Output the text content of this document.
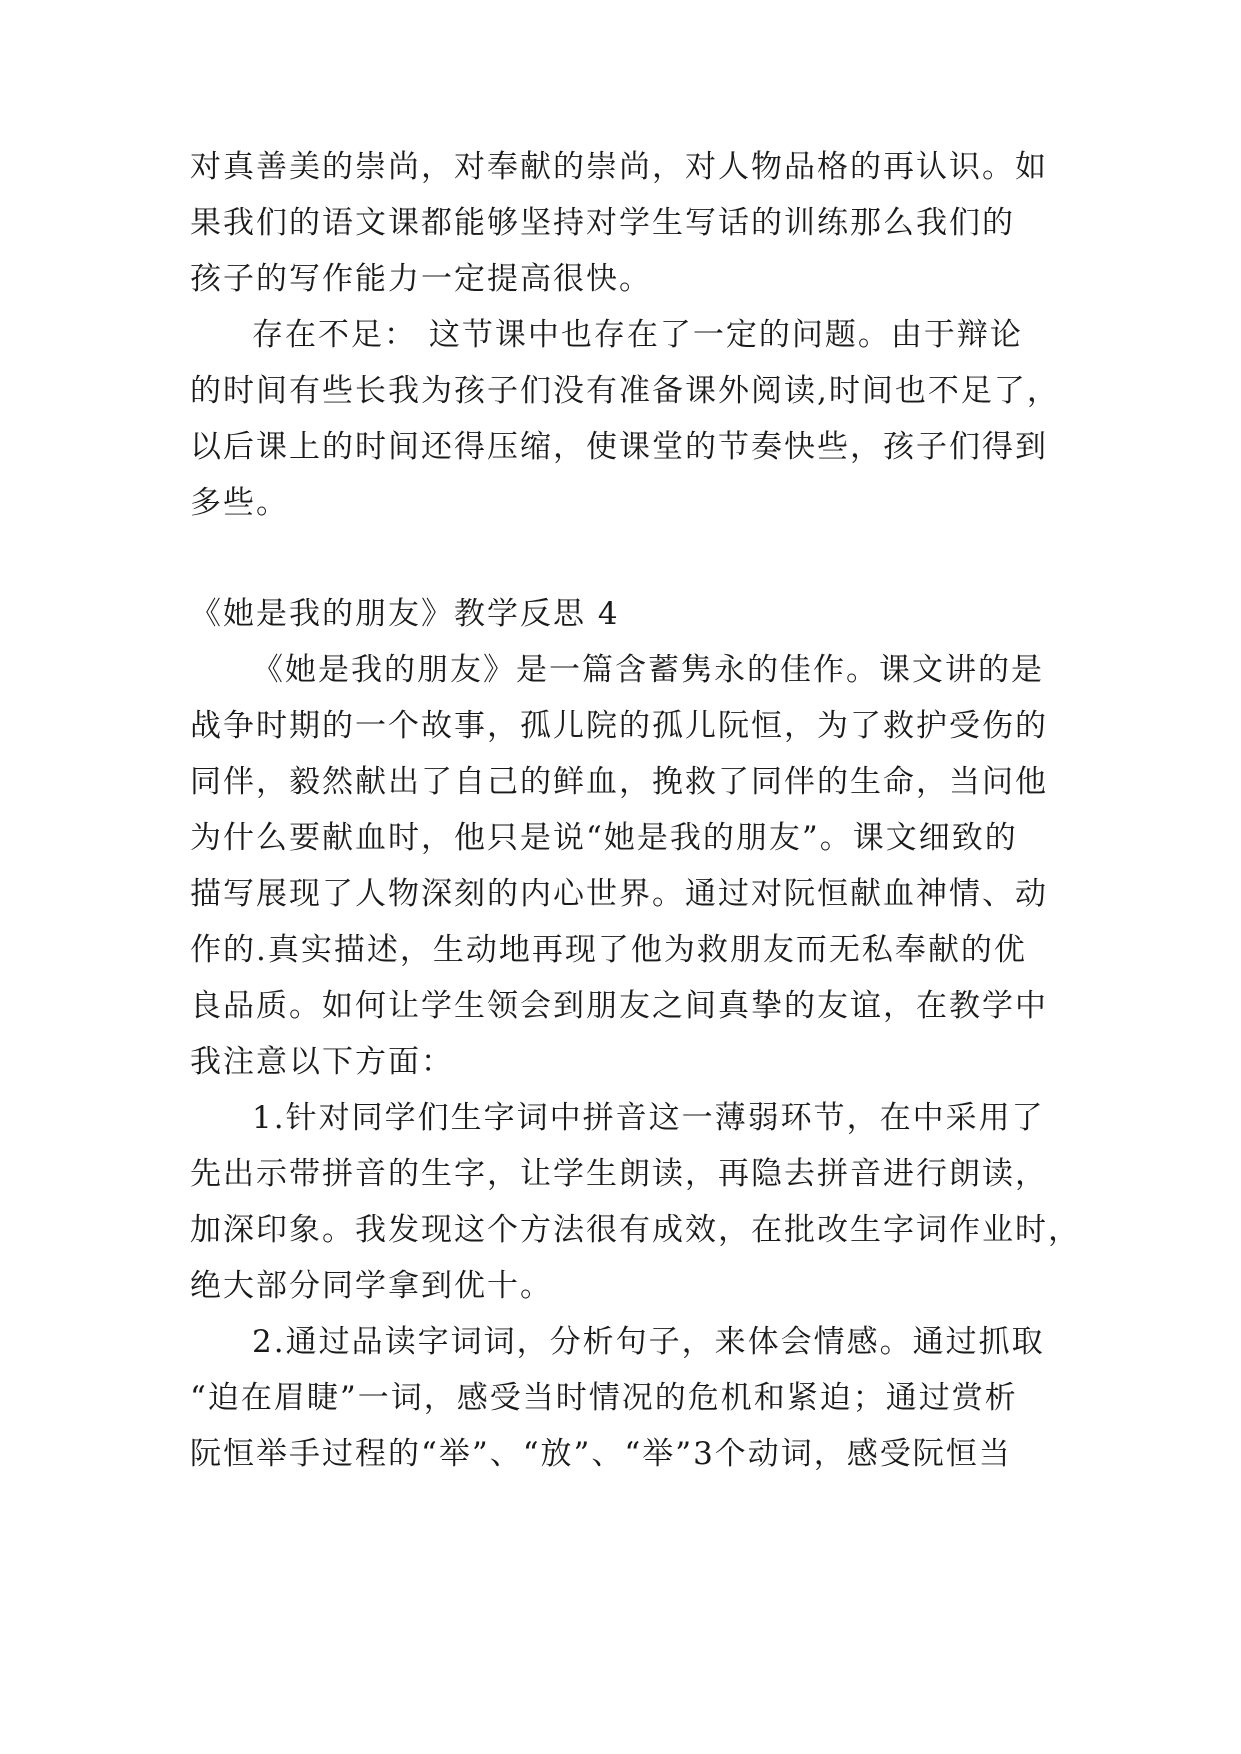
对真善美的崇尚，对奉献的崇尚，对人物品格的再认识。如
果我们的语文课都能够坚持对学生写话的训练那么我们的
孩子的写作能力一定提高很快。
存在不足： 这节课中也存在了一定的问题。由于辩论
的时间有些长我为孩子们没有准备课外阅读,时间也不足了，
以后课上的时间还得压缩，使课堂的节奏快些，孩子们得到
多些。
《她是我的朋友》教学反思 4
《她是我的朋友》是一篇含蓄隽永的佳作。课文讲的是
战争时期的一个故事，孤儿院的孤儿阮恒，为了救护受伤的
同伴，毅然献出了自己的鲜血，挽救了同伴的生命，当问他
为什么要献血时，他只是说“她是我的朋友”。课文细致的
描写展现了人物深刻的内心世界。通过对阮恒献血神情、动
作的.真实描述，生动地再现了他为救朋友而无私奉献的优
良品质。如何让学生领会到朋友之间真挚的友谊，在教学中
我注意以下方面：
1.针对同学们生字词中拼音这一薄弱环节，在中采用了
先出示带拼音的生字，让学生朗读，再隐去拼音进行朗读，
加深印象。我发现这个方法很有成效，在批改生字词作业时，
绝大部分同学拿到优十。
2.通过品读字词词，分析句子，来体会情感。通过抓取
“迫在眉睫”一词，感受当时情况的危机和紧迫；通过赏析
阮恒举手过程的“举”、“放”、“举”3个动词，感受阮恒当
